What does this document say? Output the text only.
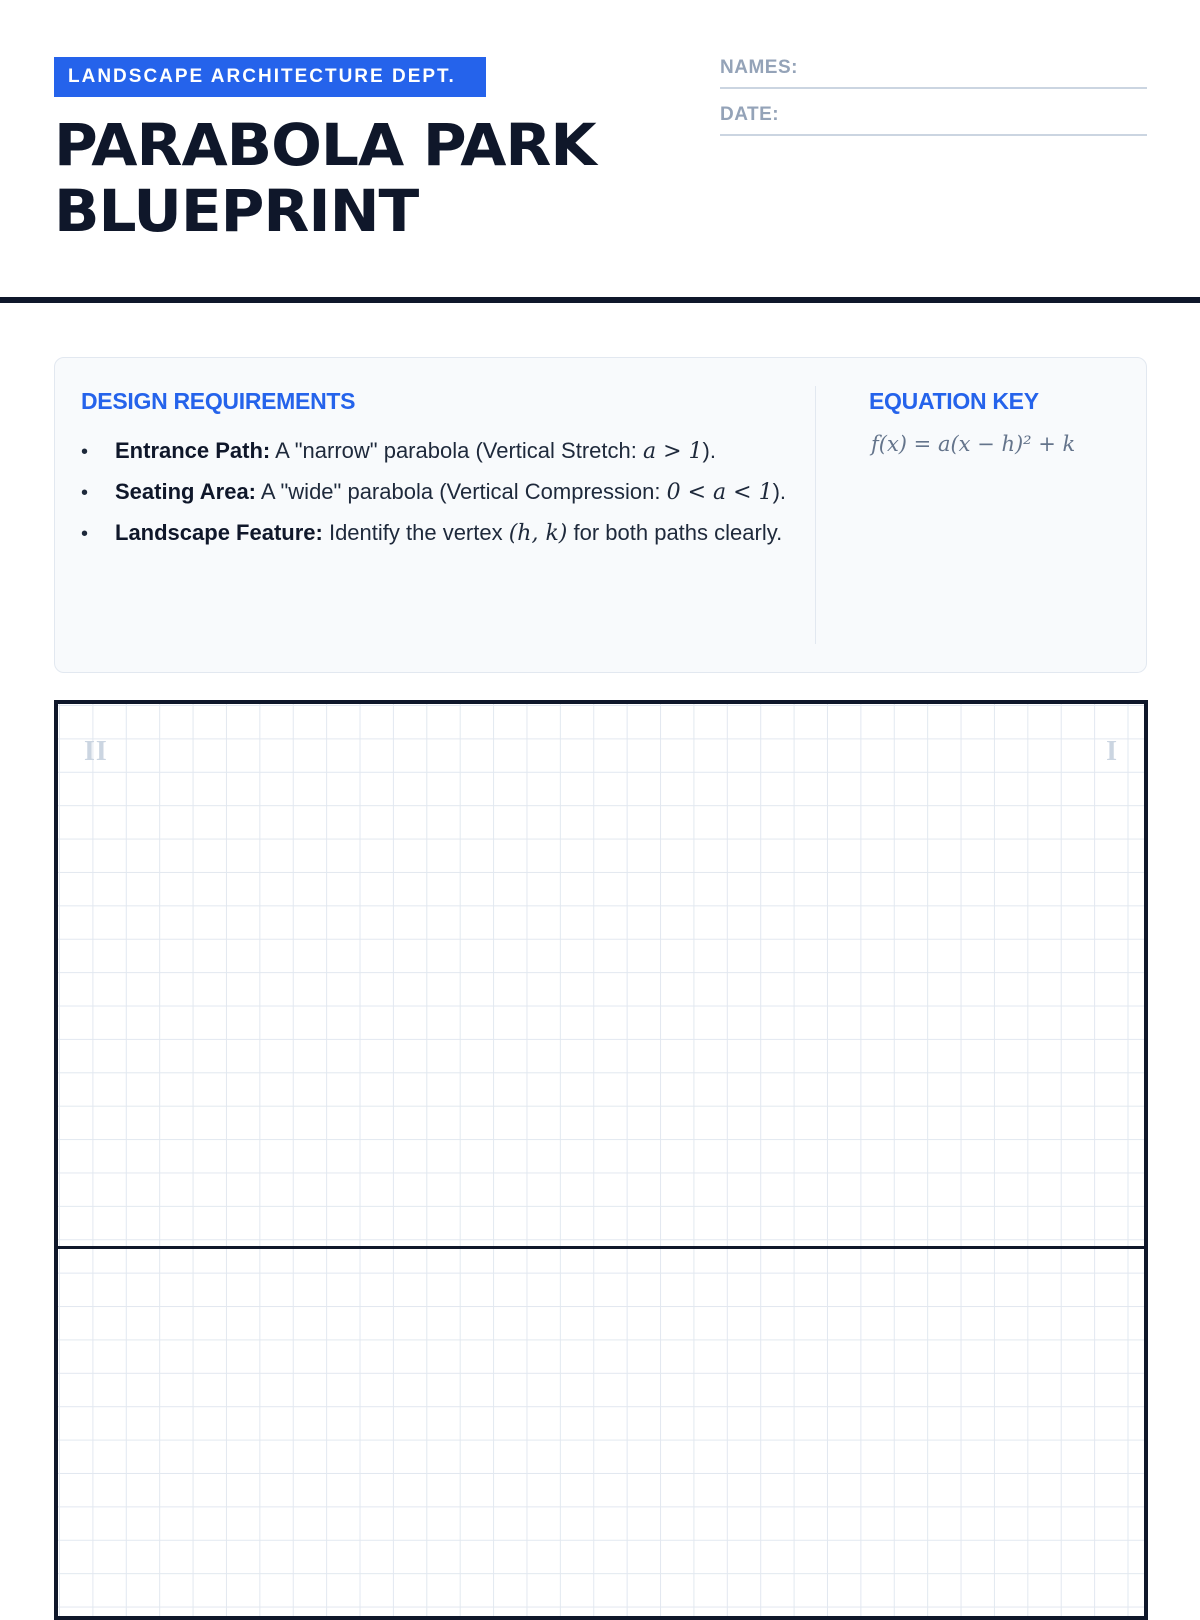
LANDSCAPE ARCHITECTURE DEPT.
PARABOLA PARK
BLUEPRINT
NAMES:
DATE:
DESIGN REQUIREMENTS
• Entrance Path: A "narrow" parabola (Vertical Stretch: a > 1).
• Seating Area: A "wide" parabola (Vertical Compression: 0 < a < 1).
• Landscape Feature: Identify the vertex (h, k) for both paths clearly.
EQUATION KEY
f(x) = a(x − h)² + k
II	I
